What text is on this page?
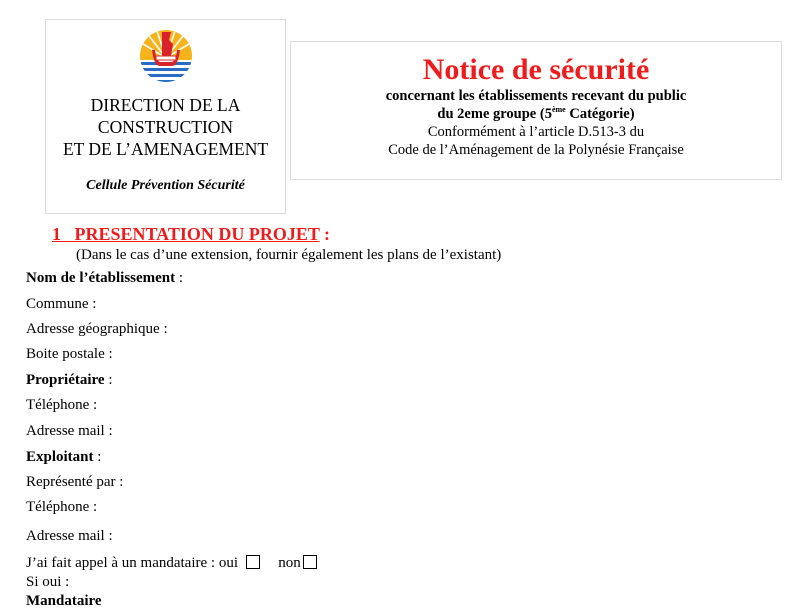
DIRECTION DE LA
CONSTRUCTION
ET DE L’AMENAGEMENT
Cellule Prévention Sécurité
Notice de sécurité
concernant les établissements recevant du public
du 2eme groupe (5ème Catégorie)
Conformément à l’article D.513-3 du
Code de l’Aménagement de la Polynésie Française
1 PRESENTATION DU PROJET :
(Dans le cas d’une extension, fournir également les plans de l’existant)
Nom de l’établissement :
Commune :
Adresse géographique :
Boite postale :
Propriétaire :
Téléphone :
Adresse mail :
Exploitant :
Représenté par :
Téléphone :
Adresse mail :
J’ai fait appel à un mandataire : oui	non
Si oui :
Mandataire
